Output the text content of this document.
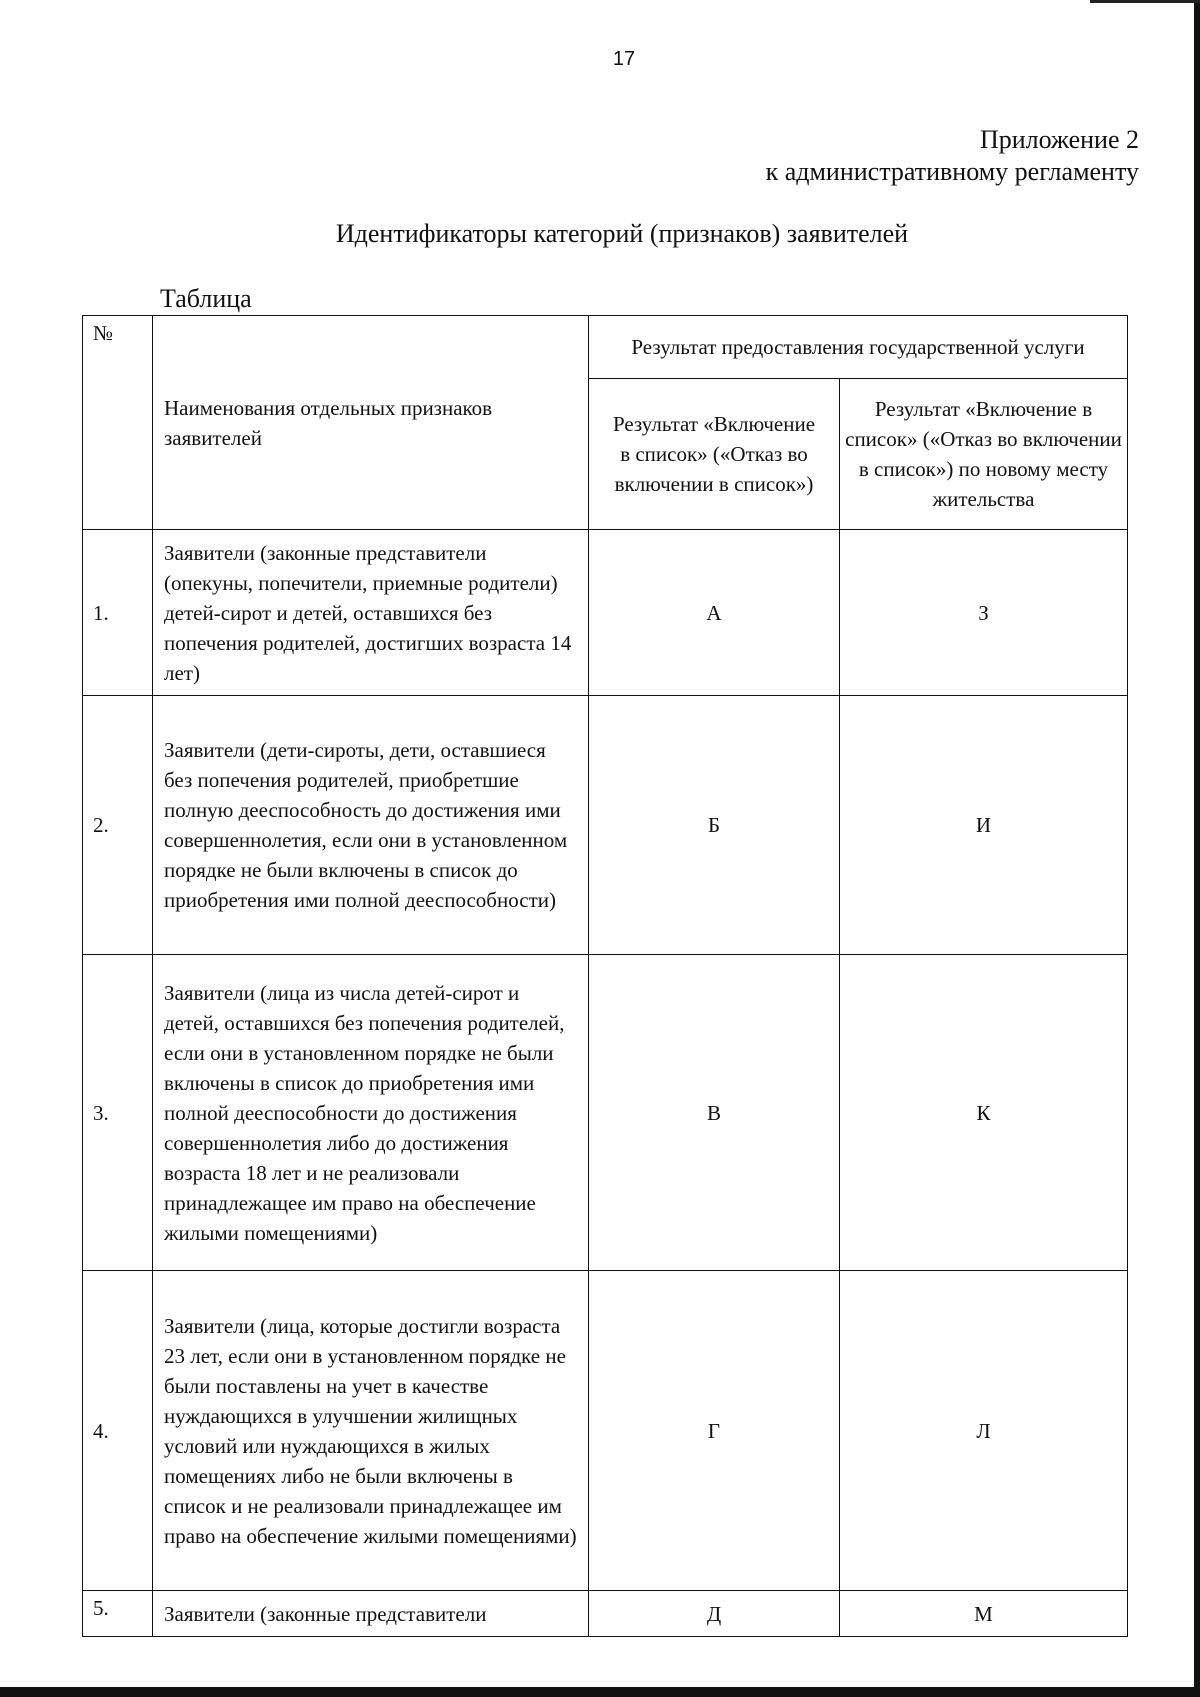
17
Приложение 2
к административному регламенту
Идентификаторы категорий (признаков) заявителей
Таблица
№	Наименования отдельных признаков заявителей	Результат предоставления государственной услуги	

		Результат «Включение в список» («Отказ во включении в список»)	Результат «Включение в список» («Отказ во включении в список») по новому месту жительства

1.	Заявители (законные представители (опекуны, попечители, приемные родители) детей-сирот и детей, оставшихся без попечения родителей, достигших возраста 14 лет)	А	З
2.	Заявители (дети-сироты, дети, оставшиеся без попечения родителей, приобретшие полную дееспособность до достижения ими совершеннолетия, если они в установленном порядке не были включены в список до приобретения ими полной дееспособности)	Б	И
3.	Заявители (лица из числа детей-сирот и детей, оставшихся без попечения родителей, если они в установленном порядке не были включены в список до приобретения ими полной дееспособности до достижения совершеннолетия либо до достижения возраста 18 лет и не реализовали принадлежащее им право на обеспечение жилыми помещениями)	В	К
4.	Заявители (лица, которые достигли возраста 23 лет, если они в установленном порядке не были поставлены на учет в качестве нуждающихся в улучшении жилищных условий или нуждающихся в жилых помещениях либо не были включены в список и не реализовали принадлежащее им право на обеспечение жилыми помещениями)	Г	Л
5.	Заявители (законные представители	Д	М
